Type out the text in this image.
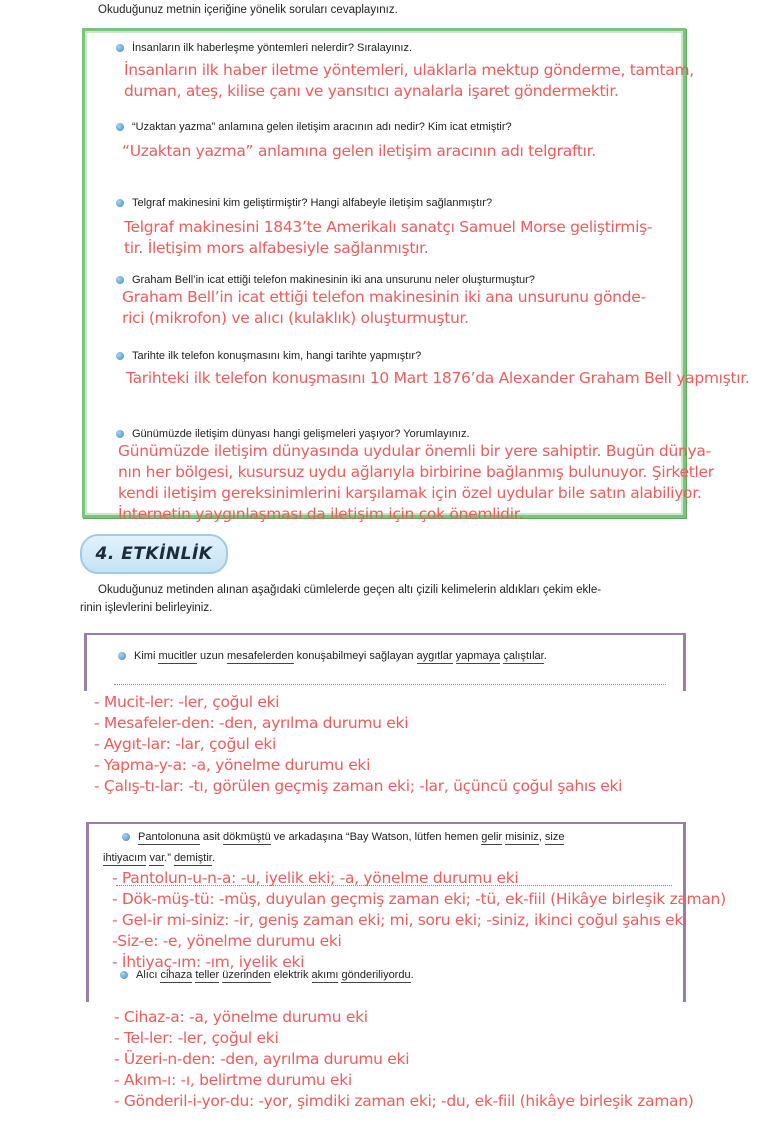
Okuduğunuz metnin içeriğine yönelik soruları cevaplayınız.
İnsanların ilk haberleşme yöntemleri nelerdir? Sıralayınız.
İnsanların ilk haber iletme yöntemleri, ulaklarla mektup gönderme, tamtam,
duman, ateş, kilise çanı ve yansıtıcı aynalarla işaret göndermektir.
“Uzaktan yazma” anlamına gelen iletişim aracının adı nedir? Kim icat etmiştir?
“Uzaktan yazma” anlamına gelen iletişim aracının adı telgraftır.
Telgraf makinesini kim geliştirmiştir? Hangi alfabeyle iletişim sağlanmıştır?
Telgraf makinesini 1843’te Amerikalı sanatçı Samuel Morse geliştirmiş-
tir. İletişim mors alfabesiyle sağlanmıştır.
Graham Bell’in icat ettiği telefon makinesinin iki ana unsurunu neler oluşturmuştur?
Graham Bell’in icat ettiği telefon makinesinin iki ana unsurunu gönde-
rici (mikrofon) ve alıcı (kulaklık) oluşturmuştur.
Tarihte ilk telefon konuşmasını kim, hangi tarihte yapmıştır?
Tarihteki ilk telefon konuşmasını 10 Mart 1876’da Alexander Graham Bell yapmıştır.
Günümüzde iletişim dünyası hangi gelişmeleri yaşıyor? Yorumlayınız.
Günümüzde iletişim dünyasında uydular önemli bir yere sahiptir. Bugün dünya-
nın her bölgesi, kusursuz uydu ağlarıyla birbirine bağlanmış bulunuyor. Şirketler
kendi iletişim gereksinimlerini karşılamak için özel uydular bile satın alabiliyor.
İnternetin yaygınlaşması da iletişim için çok önemlidir.
4. ETKİNLİK
Okuduğunuz metinden alınan aşağıdaki cümlelerde geçen altı çizili kelimelerin aldıkları çekim ekle-
rinin işlevlerini belirleyiniz.
Kimi mucitler uzun mesafelerden konuşabilmeyi sağlayan aygıtlar yapmaya çalıştılar.
- Mucit-ler: -ler, çoğul eki
- Mesafeler-den: -den, ayrılma durumu eki
- Aygıt-lar: -lar, çoğul eki
- Yapma-y-a: -a, yönelme durumu eki
- Çalış-tı-lar: -tı, görülen geçmiş zaman eki; -lar, üçüncü çoğul şahıs eki
Pantolonuna asit dökmüştü ve arkadaşına “Bay Watson, lütfen hemen gelir misiniz, size
ihtiyacım var.” demiştir.
- Pantolun-u-n-a: -u, iyelik eki; -a, yönelme durumu eki
- Dök-müş-tü: -müş, duyulan geçmiş zaman eki; -tü, ek-fiil (Hikâye birleşik zaman)
- Gel-ir mi-siniz: -ir, geniş zaman eki; mi, soru eki; -siniz, ikinci çoğul şahıs eki
-Siz-e: -e, yönelme durumu eki
- İhtiyaç-ım: -ım, iyelik eki
Alıcı cihaza teller üzerinden elektrik akımı gönderiliyordu.
- Cihaz-a: -a, yönelme durumu eki
- Tel-ler: -ler, çoğul eki
- Üzeri-n-den: -den, ayrılma durumu eki
- Akım-ı: -ı, belirtme durumu eki
- Gönderil-i-yor-du: -yor, şimdiki zaman eki; -du, ek-fiil (hikâye birleşik zaman)
